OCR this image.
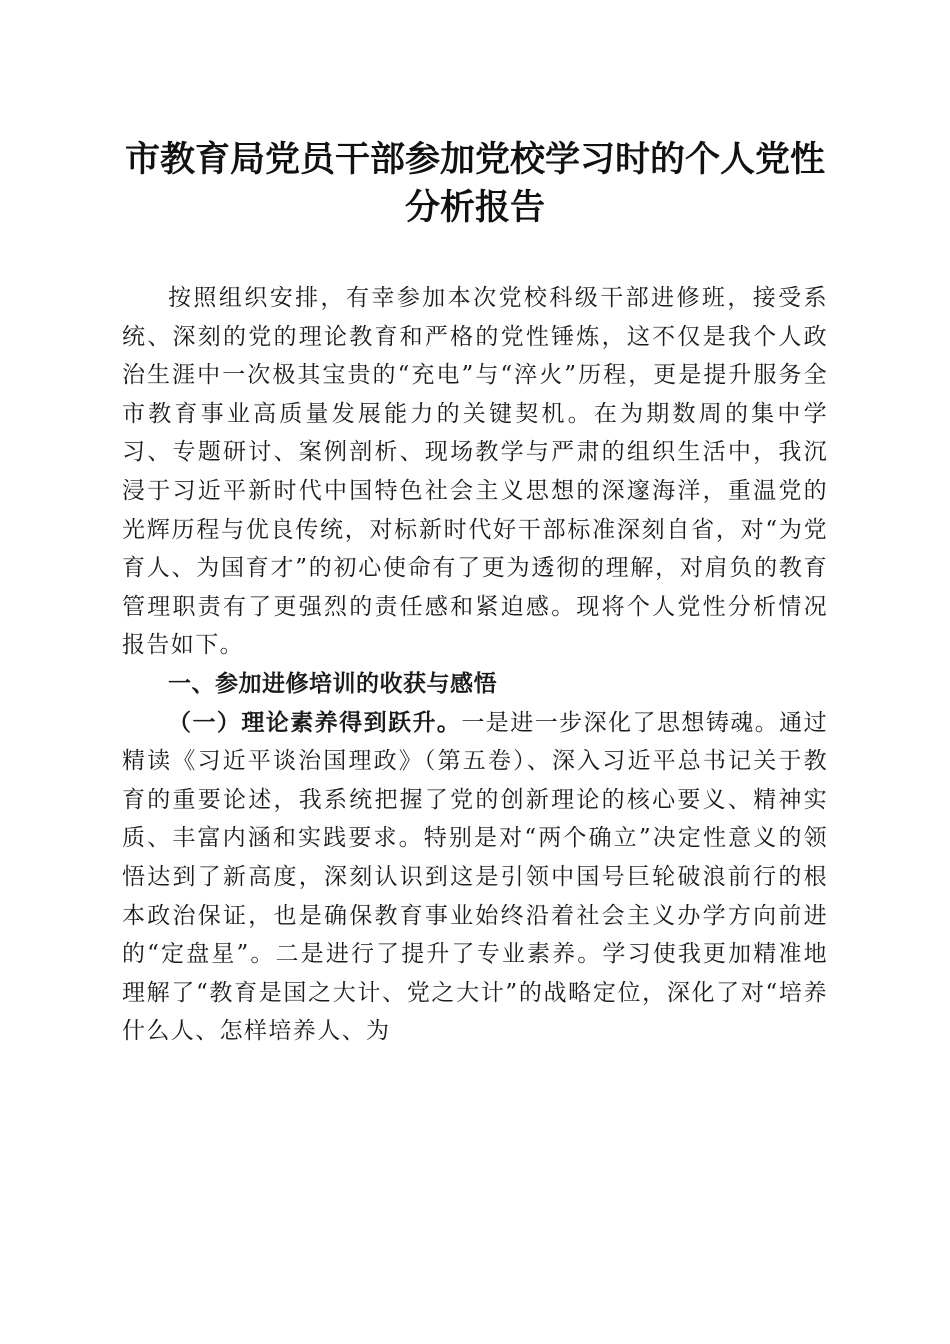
市教育局党员干部参加党校学习时的个人党性
分析报告

按照组织安排，有幸参加本次党校科级干部进修班，接受系统、深刻的党的理论教育和严格的党性锤炼，这不仅是我个人政治生涯中一次极其宝贵的“充电”与“淬火”历程，更是提升服务全市教育事业高质量发展能力的关键契机。在为期数周的集中学习、专题研讨、案例剖析、现场教学与严肃的组织生活中，我沉浸于习近平新时代中国特色社会主义思想的深邃海洋，重温党的光辉历程与优良传统，对标新时代好干部标准深刻自省，对“为党育人、为国育才”的初心使命有了更为透彻的理解，对肩负的教育管理职责有了更强烈的责任感和紧迫感。现将个人党性分析情况报告如下。

一、参加进修培训的收获与感悟

（一）理论素养得到跃升。一是进一步深化了思想铸魂。通过精读《习近平谈治国理政》（第五卷）、深入习近平总书记关于教育的重要论述，我系统把握了党的创新理论的核心要义、精神实质、丰富内涵和实践要求。特别是对“两个确立”决定性意义的领悟达到了新高度，深刻认识到这是引领中国号巨轮破浪前行的根本政治保证，也是确保教育事业始终沿着社会主义办学方向前进的“定盘星”。二是进行了提升了专业素养。学习使我更加精准地理解了“教育是国之大计、党之大计”的战略定位，深化了对“培养什么人、怎样培养人、为
